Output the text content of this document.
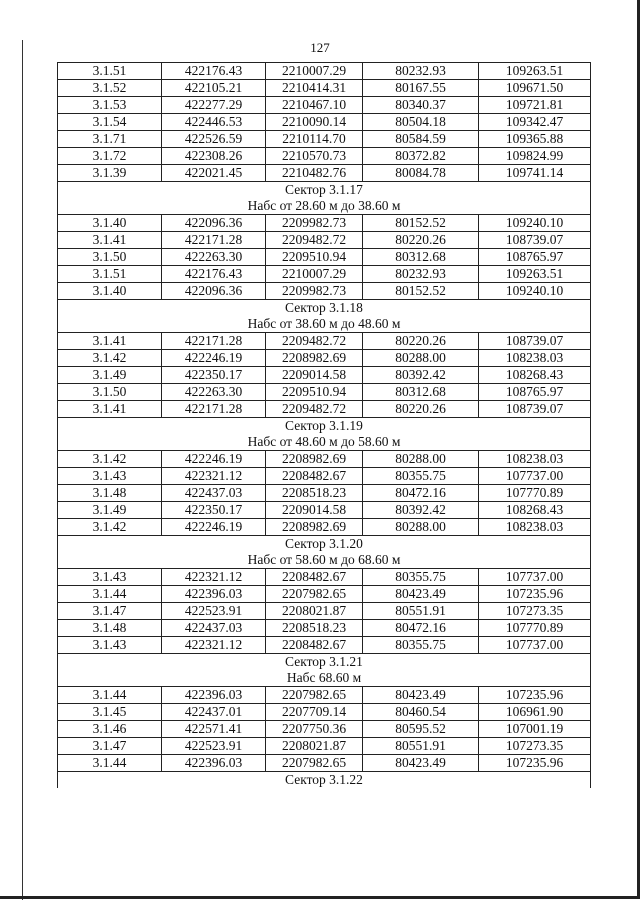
127
3.1.51	422176.43	2210007.29	80232.93	109263.51
3.1.52	422105.21	2210414.31	80167.55	109671.50
3.1.53	422277.29	2210467.10	80340.37	109721.81
3.1.54	422446.53	2210090.14	80504.18	109342.47
3.1.71	422526.59	2210114.70	80584.59	109365.88
3.1.72	422308.26	2210570.73	80372.82	109824.99
3.1.39	422021.45	2210482.76	80084.78	109741.14
Сектор 3.1.17				
Набс от 28.60 м до 38.60 м				
3.1.40	422096.36	2209982.73	80152.52	109240.10
3.1.41	422171.28	2209482.72	80220.26	108739.07
3.1.50	422263.30	2209510.94	80312.68	108765.97
3.1.51	422176.43	2210007.29	80232.93	109263.51
3.1.40	422096.36	2209982.73	80152.52	109240.10
Сектор 3.1.18				
Набс от 38.60 м до 48.60 м				
3.1.41	422171.28	2209482.72	80220.26	108739.07
3.1.42	422246.19	2208982.69	80288.00	108238.03
3.1.49	422350.17	2209014.58	80392.42	108268.43
3.1.50	422263.30	2209510.94	80312.68	108765.97
3.1.41	422171.28	2209482.72	80220.26	108739.07
Сектор 3.1.19				
Набс от 48.60 м до 58.60 м				
3.1.42	422246.19	2208982.69	80288.00	108238.03
3.1.43	422321.12	2208482.67	80355.75	107737.00
3.1.48	422437.03	2208518.23	80472.16	107770.89
3.1.49	422350.17	2209014.58	80392.42	108268.43
3.1.42	422246.19	2208982.69	80288.00	108238.03
Сектор 3.1.20				
Набс от 58.60 м до 68.60 м				
3.1.43	422321.12	2208482.67	80355.75	107737.00
3.1.44	422396.03	2207982.65	80423.49	107235.96
3.1.47	422523.91	2208021.87	80551.91	107273.35
3.1.48	422437.03	2208518.23	80472.16	107770.89
3.1.43	422321.12	2208482.67	80355.75	107737.00
Сектор 3.1.21				
Набс 68.60 м				
3.1.44	422396.03	2207982.65	80423.49	107235.96
3.1.45	422437.01	2207709.14	80460.54	106961.90
3.1.46	422571.41	2207750.36	80595.52	107001.19
3.1.47	422523.91	2208021.87	80551.91	107273.35
3.1.44	422396.03	2207982.65	80423.49	107235.96
Сектор 3.1.22				
